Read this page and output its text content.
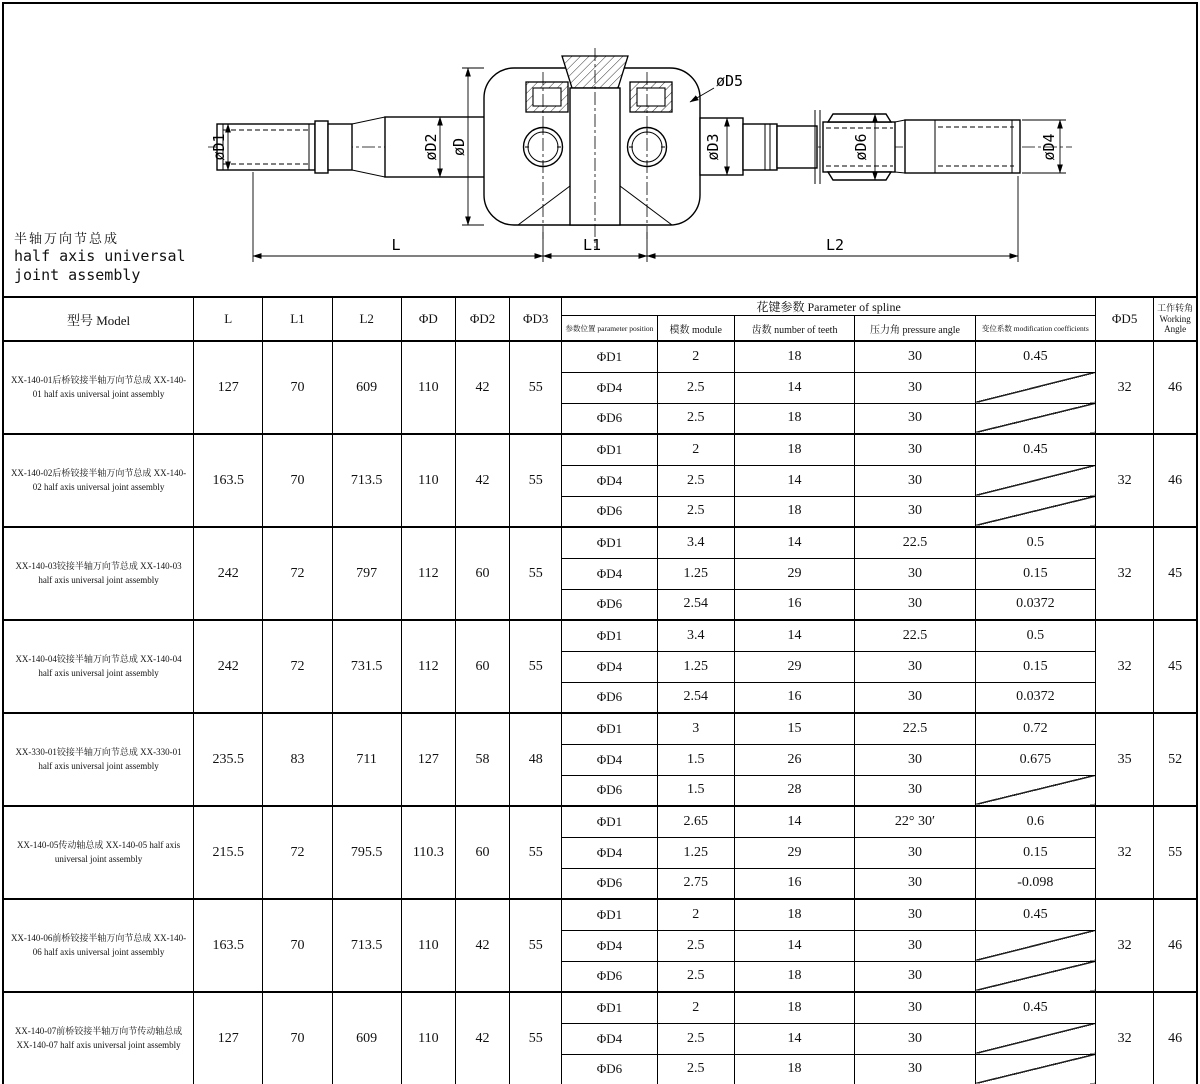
øD1	øD2 øD	øD3	øD6	øD4
øD5
L	L1	L2
半轴万向节总成
half axis universal
joint assembly
型号 Model	L	L1	L2	ΦD	ΦD2	ΦD3	花键参数 Parameter of spline					ΦD5	工作转角
Working Angle
							参数位置 parameter position	模数 module	齿数 number of teeth	压力角 pressure angle	变位系数 modification coefficients		
XX-140-01后桥铰接半轴万向节总成 XX-140-01 half axis universal joint assembly	127	70	609	110	42	55	ΦD1	2	18	30	0.45	32	46
							ΦD4	2.5	14	30			
							ΦD6	2.5	18	30			
XX-140-02后桥铰接半轴万向节总成 XX-140-02 half axis universal joint assembly	163.5	70	713.5	110	42	55	ΦD1	2	18	30	0.45	32	46
							ΦD4	2.5	14	30			
							ΦD6	2.5	18	30			
XX-140-03铰接半轴万向节总成 XX-140-03 half axis universal joint assembly	242	72	797	112	60	55	ΦD1	3.4	14	22.5	0.5	32	45
							ΦD4	1.25	29	30	0.15		
							ΦD6	2.54	16	30	0.0372		
XX-140-04铰接半轴万向节总成 XX-140-04 half axis universal joint assembly	242	72	731.5	112	60	55	ΦD1	3.4	14	22.5	0.5	32	45
							ΦD4	1.25	29	30	0.15		
							ΦD6	2.54	16	30	0.0372		
XX-330-01铰接半轴万向节总成 XX-330-01 half axis universal joint assembly	235.5	83	711	127	58	48	ΦD1	3	15	22.5	0.72	35	52
							ΦD4	1.5	26	30	0.675		
							ΦD6	1.5	28	30			
XX-140-05传动轴总成 XX-140-05 half axis universal joint assembly	215.5	72	795.5	110.3	60	55	ΦD1	2.65	14	22° 30′	0.6	32	55
							ΦD4	1.25	29	30	0.15		
							ΦD6	2.75	16	30	-0.098		
XX-140-06前桥铰接半轴万向节总成 XX-140-06 half axis universal joint assembly	163.5	70	713.5	110	42	55	ΦD1	2	18	30	0.45	32	46
							ΦD4	2.5	14	30			
							ΦD6	2.5	18	30			
XX-140-07前桥铰接半轴万向节传动轴总成 XX-140-07 half axis universal joint assembly	127	70	609	110	42	55	ΦD1	2	18	30	0.45	32	46
							ΦD4	2.5	14	30			
							ΦD6	2.5	18	30			
